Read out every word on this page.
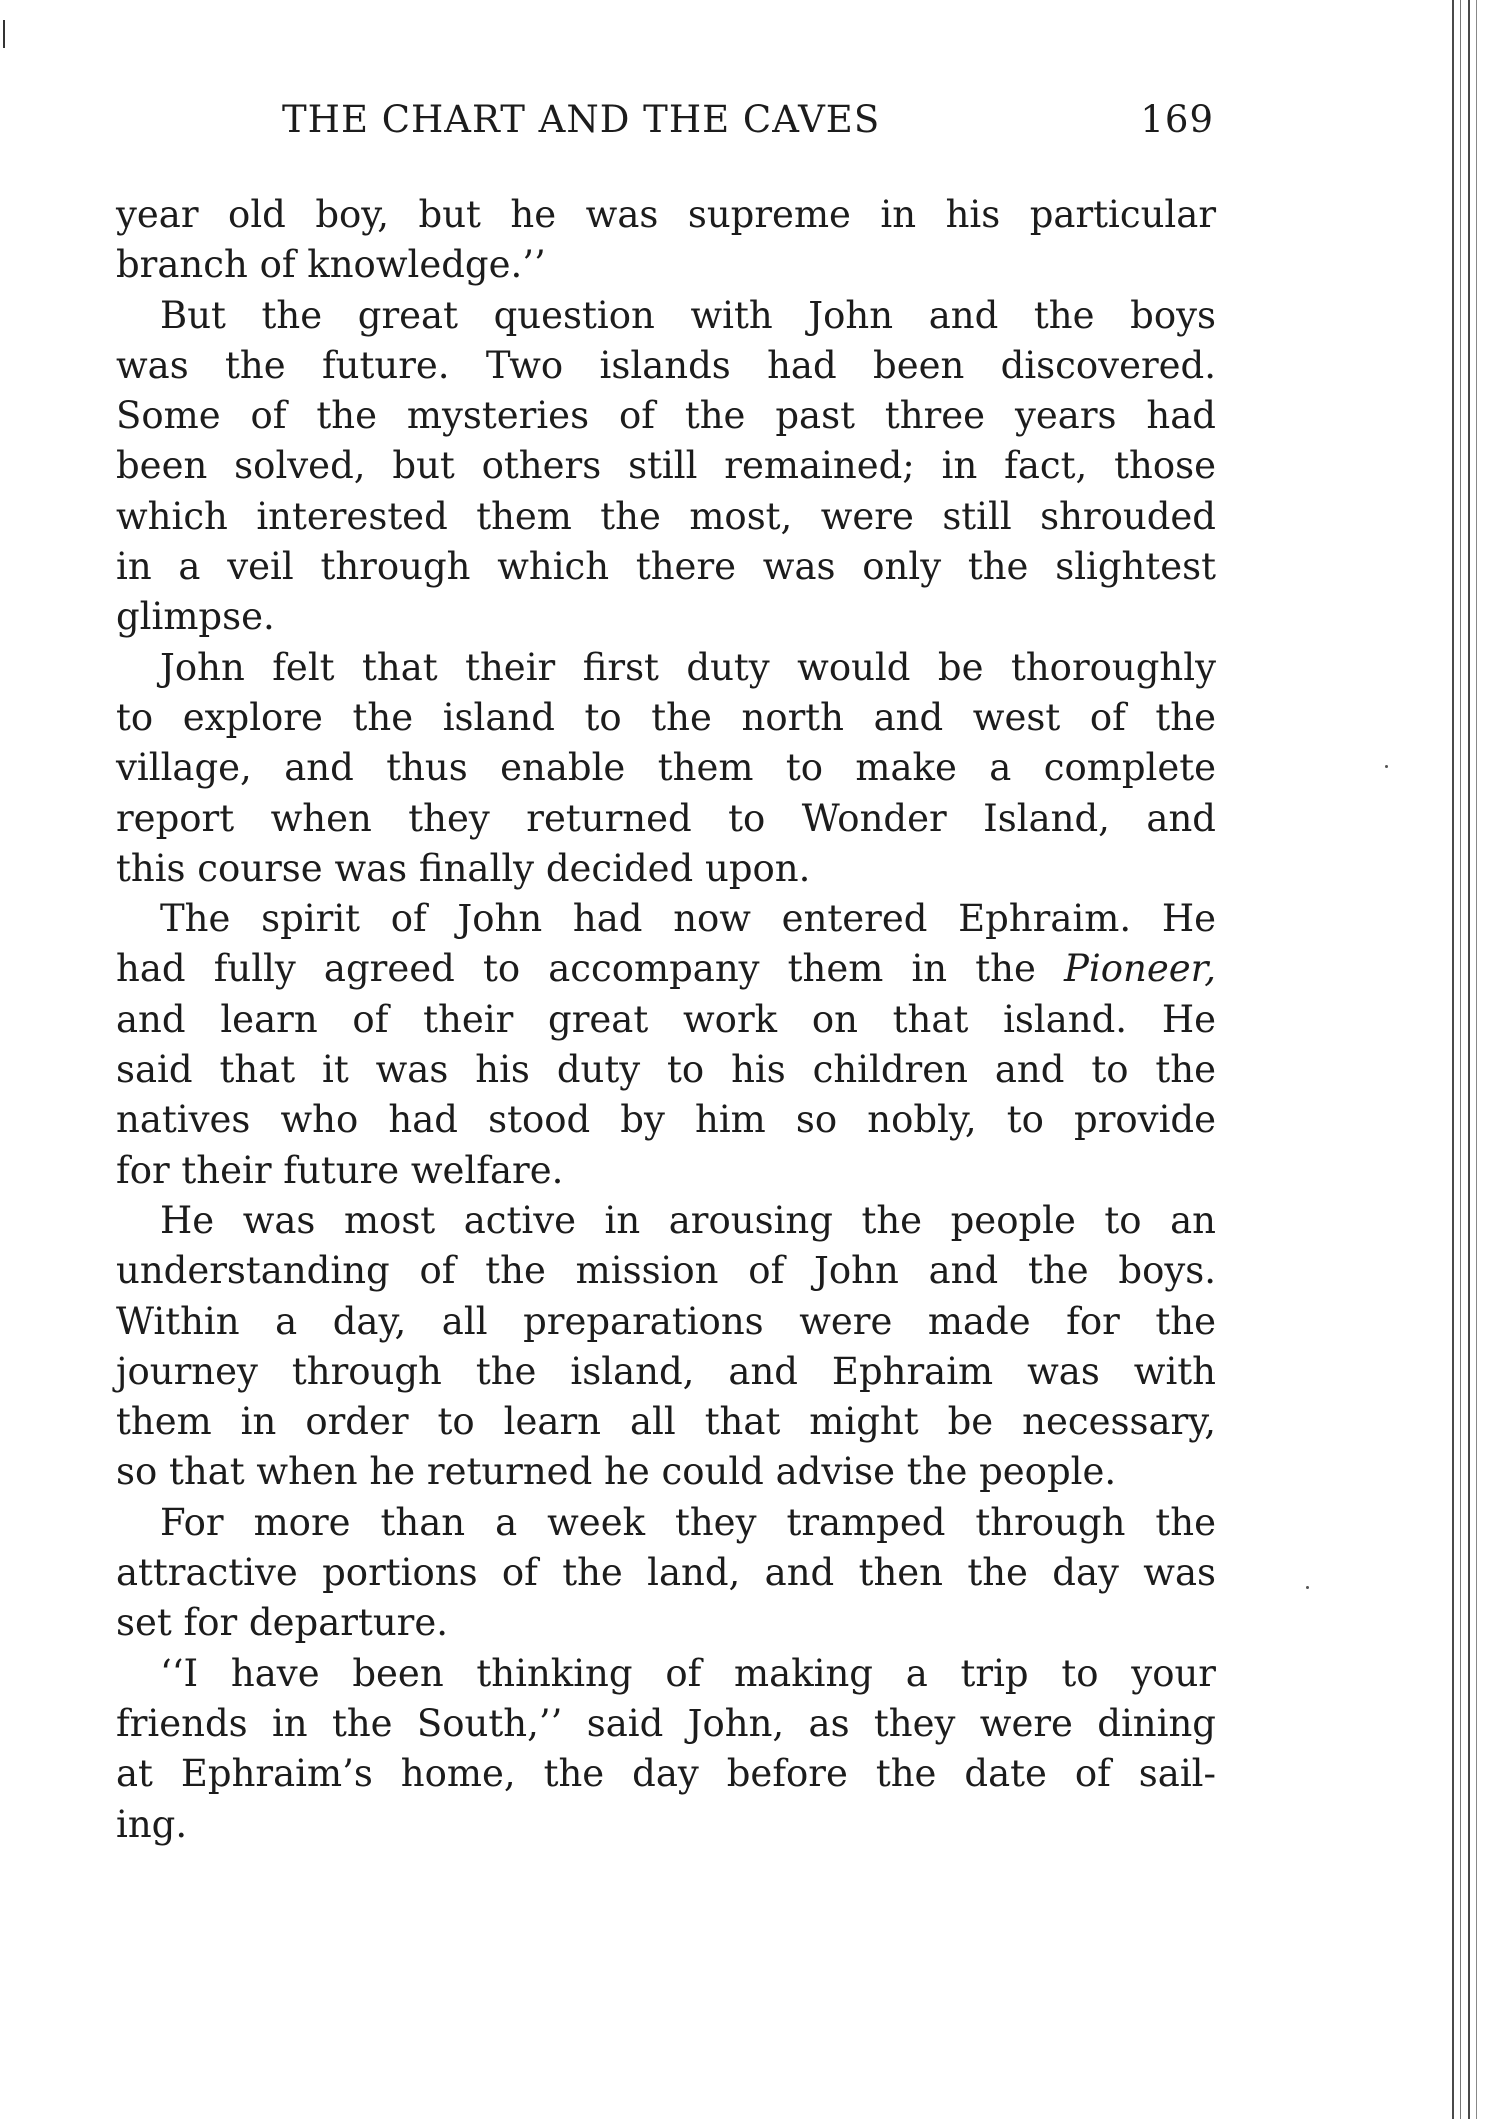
THE CHART AND THE CAVES	169
year old boy, but he was supreme in his particular
branch of knowledge.’’
But the great question with John and the boys
was the future. Two islands had been discovered.
Some of the mysteries of the past three years had
been solved, but others still remained; in fact, those
which interested them the most, were still shrouded
in a veil through which there was only the slightest
glimpse.
John felt that their first duty would be thoroughly
to explore the island to the north and west of the
village, and thus enable them to make a complete
report when they returned to Wonder Island, and
this course was finally decided upon.
The spirit of John had now entered Ephraim. He
had fully agreed to accompany them in the Pioneer,
and learn of their great work on that island. He
said that it was his duty to his children and to the
natives who had stood by him so nobly, to provide
for their future welfare.
He was most active in arousing the people to an
understanding of the mission of John and the boys.
Within a day, all preparations were made for the
journey through the island, and Ephraim was with
them in order to learn all that might be necessary,
so that when he returned he could advise the people.
For more than a week they tramped through the
attractive portions of the land, and then the day was
set for departure.
‘‘I have been thinking of making a trip to your
friends in the South,’’ said John, as they were dining
at Ephraim’s home, the day before the date of sail-
ing.
